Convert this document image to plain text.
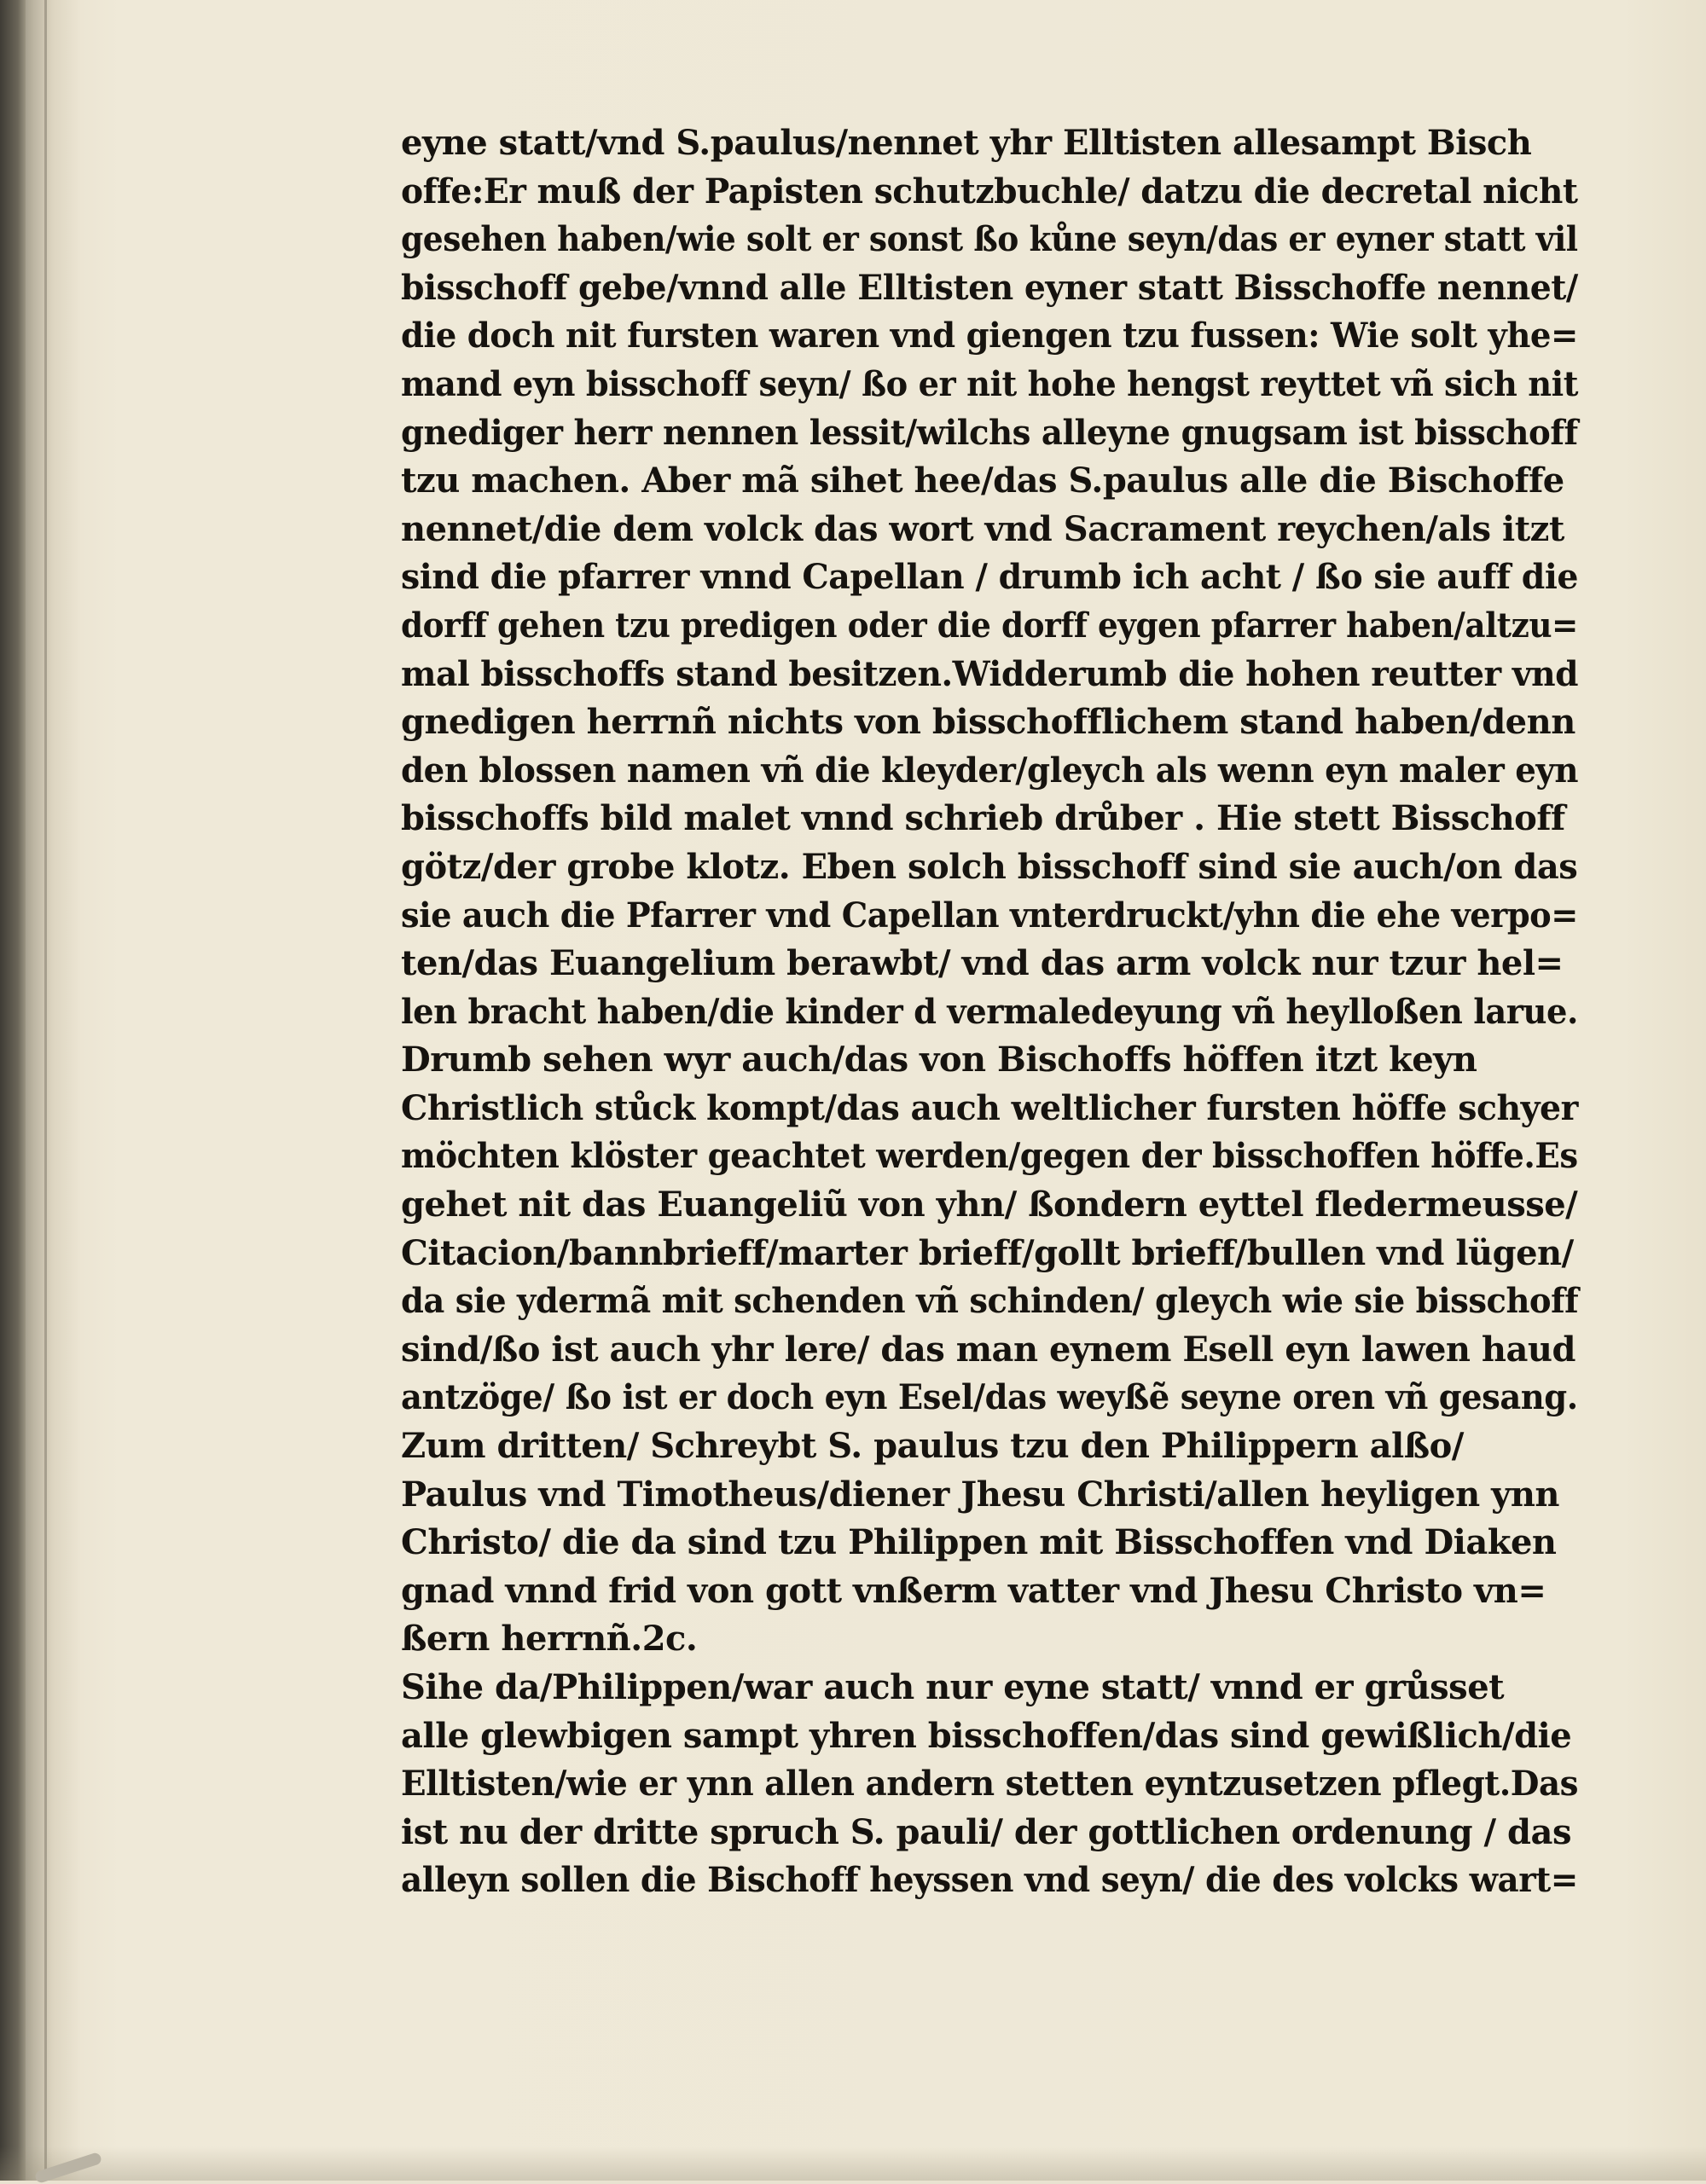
eyne statt/vnd S.paulus/nennet yhr Elltisten allesampt Bisch
offe:Er muß der Papisten schutzbuchle/ datzu die decretal nicht
gesehen haben/wie solt er sonst ßo kůne seyn/das er eyner statt vil
bisschoff gebe/vnnd alle Elltisten eyner statt Bisschoffe nennet/
die doch nit fursten waren vnd giengen tzu fussen: Wie solt yhe=
mand eyn bisschoff seyn/ ßo er nit hohe hengst reyttet vñ sich nit
gnediger herr nennen lessit/wilchs alleyne gnugsam ist bisschoff
tzu machen. Aber mã sihet hee/das S.paulus alle die Bischoffe
nennet/die dem volck das wort vnd Sacrament reychen/als itzt
sind die pfarrer vnnd Capellan / drumb ich acht / ßo sie auff die
dorff gehen tzu predigen oder die dorff eygen pfarrer haben/altzu=
mal bisschoffs stand besitzen.Widderumb die hohen reutter vnd
gnedigen herrnñ nichts von bisschofflichem stand haben/denn
den blossen namen vñ die kleyder/gleych als wenn eyn maler eyn
bisschoffs bild malet vnnd schrieb drůber . Hie stett Bisschoff
götz/der grobe klotz. Eben solch bisschoff sind sie auch/on das
sie auch die Pfarrer vnd Capellan vnterdruckt/yhn die ehe verpo=
ten/das Euangelium berawbt/ vnd das arm volck nur tzur hel=
len bracht haben/die kinder d vermaledeyung vñ heylloßen larue.
Drumb sehen wyr auch/das von Bischoffs höffen itzt keyn
Christlich stůck kompt/das auch weltlicher fursten höffe schyer
möchten klöster geachtet werden/gegen der bisschoffen höffe.Es
gehet nit das Euangeliũ von yhn/ ßondern eyttel fledermeusse/
Citacion/bannbrieff/marter brieff/gollt brieff/bullen vnd lügen/
da sie ydermã mit schenden vñ schinden/ gleych wie sie bisschoff
sind/ßo ist auch yhr lere/ das man eynem Esell eyn lawen haud
antzöge/ ßo ist er doch eyn Esel/das weyßẽ seyne oren vñ gesang.
Zum dritten/ Schreybt S. paulus tzu den Philippern alßo/
Paulus vnd Timotheus/diener Jhesu Christi/allen heyligen ynn
Christo/ die da sind tzu Philippen mit Bisschoffen vnd Diaken
gnad vnnd frid von gott vnßerm vatter vnd Jhesu Christo vn=
ßern herrnñ.2c.
Sihe da/Philippen/war auch nur eyne statt/ vnnd er grůsset
alle glewbigen sampt yhren bisschoffen/das sind gewißlich/die
Elltisten/wie er ynn allen andern stetten eyntzusetzen pflegt.Das
ist nu der dritte spruch S. pauli/ der gottlichen ordenung / das
alleyn sollen die Bischoff heyssen vnd seyn/ die des volcks wart=
